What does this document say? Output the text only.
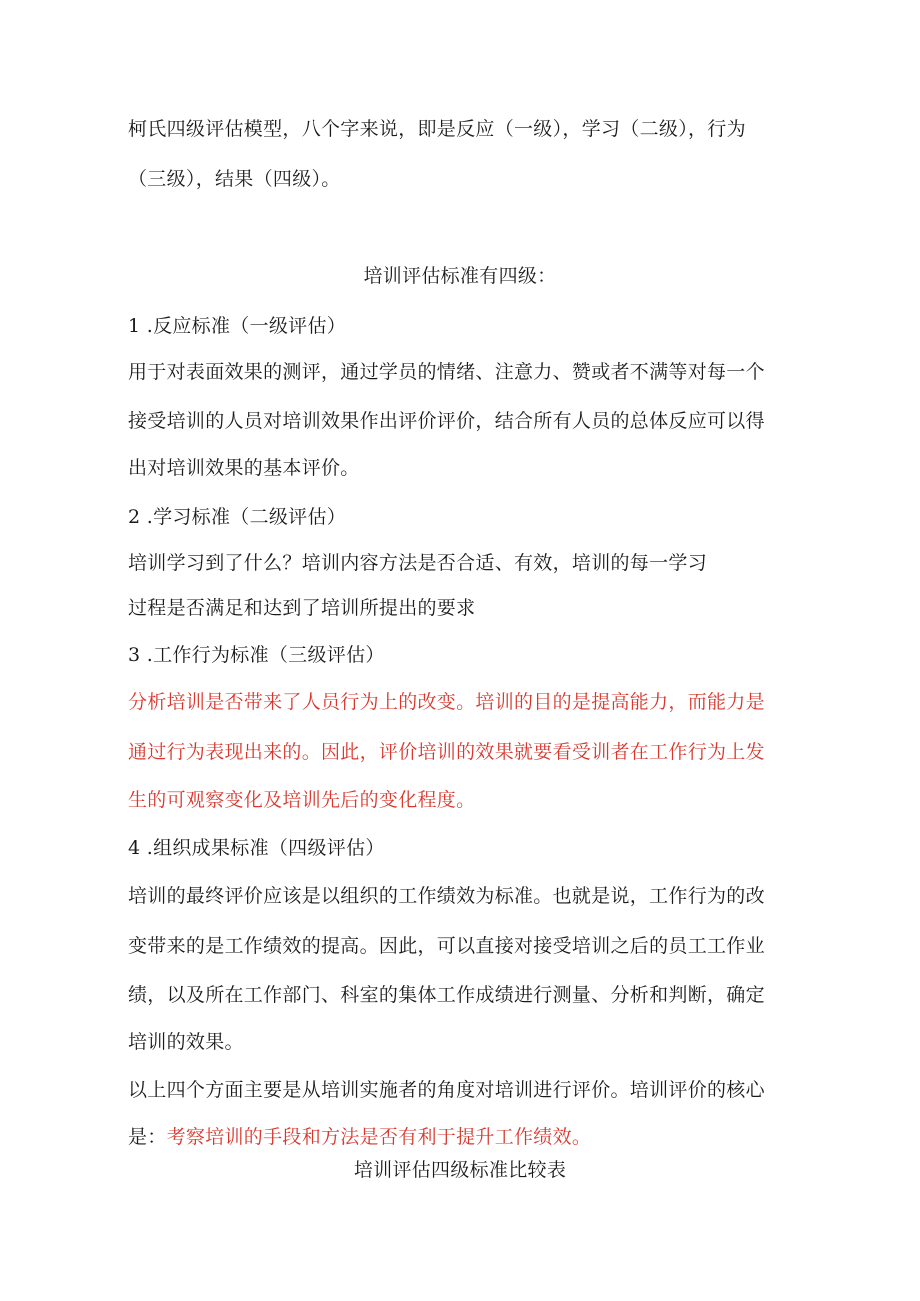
柯氏四级评估模型，八个字来说，即是反应（一级），学习（二级），行为
（三级），结果（四级）。
培训评估标准有四级：
1 .反应标准（一级评估）
用于对表面效果的测评，通过学员的情绪、注意力、赞或者不满等对每一个
接受培训的人员对培训效果作出评价评价，结合所有人员的总体反应可以得
出对培训效果的基本评价。
2 .学习标准（二级评估）
培训学习到了什么？培训内容方法是否合适、有效，培训的每一学习
过程是否满足和达到了培训所提出的要求
3 .工作行为标准（三级评估）
分析培训是否带来了人员行为上的改变。培训的目的是提高能力，而能力是
通过行为表现出来的。因此，评价培训的效果就要看受训者在工作行为上发
生的可观察变化及培训先后的变化程度。
4 .组织成果标准（四级评估）
培训的最终评价应该是以组织的工作绩效为标准。也就是说，工作行为的改
变带来的是工作绩效的提高。因此，可以直接对接受培训之后的员工工作业
绩，以及所在工作部门、科室的集体工作成绩进行测量、分析和判断，确定
培训的效果。
以上四个方面主要是从培训实施者的角度对培训进行评价。培训评价的核心
是：考察培训的手段和方法是否有利于提升工作绩效。
培训评估四级标准比较表
